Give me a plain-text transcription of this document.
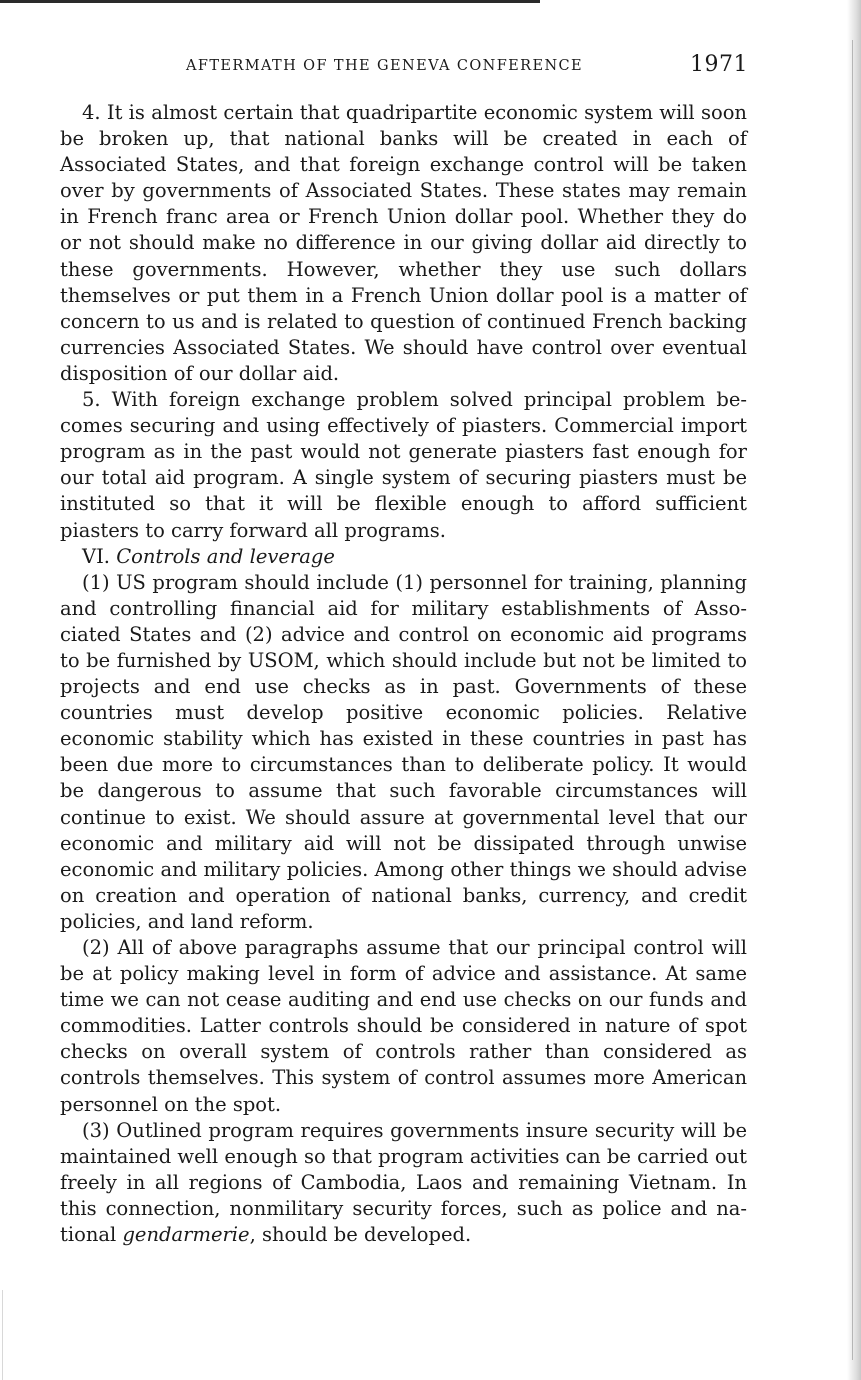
AFTERMATH OF THE GENEVA CONFERENCE	1971

4. It is almost certain that quadripartite economic system will soon be broken up, that national banks will be created in each of Associated States, and that foreign exchange control will be taken over by governments of Associated States. These states may remain in French franc area or French Union dollar pool. Whether they do or not should make no difference in our giving dollar aid directly to these governments. However, whether they use such dollars themselves or put them in a French Union dollar pool is a matter of concern to us and is related to question of continued French backing currencies Associated States. We should have control over eventual disposition of our dollar aid.

5. With foreign exchange problem solved principal problem becomes securing and using effectively of piasters. Commercial import program as in the past would not generate piasters fast enough for our total aid program. A single system of securing piasters must be instituted so that it will be flexible enough to afford sufficient piasters to carry forward all programs.

VI. Controls and leverage

(1) US program should include (1) personnel for training, planning and controlling financial aid for military establishments of Associated States and (2) advice and control on economic aid programs to be furnished by USOM, which should include but not be limited to projects and end use checks as in past. Governments of these countries must develop positive economic policies. Relative economic stability which has existed in these countries in past has been due more to circumstances than to deliberate policy. It would be dangerous to assume that such favorable circumstances will continue to exist. We should assure at governmental level that our economic and military aid will not be dissipated through unwise economic and military policies. Among other things we should advise on creation and operation of national banks, currency, and credit policies, and land reform.

(2) All of above paragraphs assume that our principal control will be at policy making level in form of advice and assistance. At same time we can not cease auditing and end use checks on our funds and commodities. Latter controls should be considered in nature of spot checks on overall system of controls rather than considered as controls themselves. This system of control assumes more American personnel on the spot.

(3) Outlined program requires governments insure security will be maintained well enough so that program activities can be carried out freely in all regions of Cambodia, Laos and remaining Vietnam. In this connection, nonmilitary security forces, such as police and national gendarmerie, should be developed.
